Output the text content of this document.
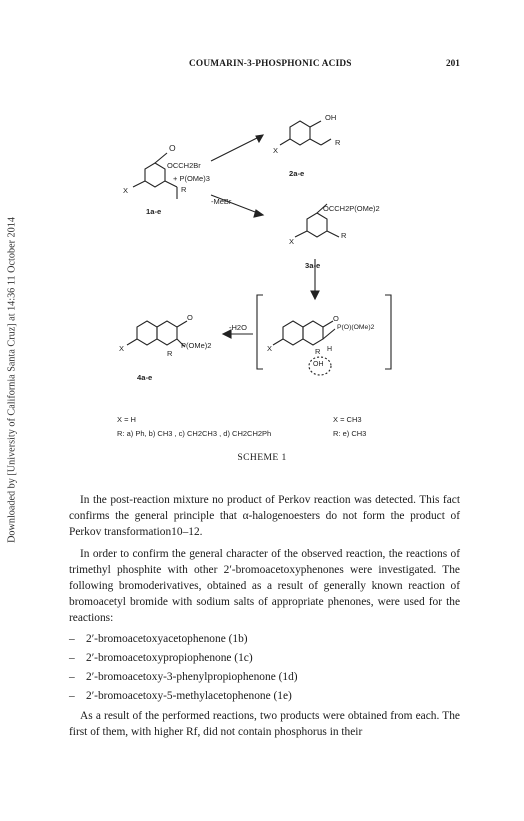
Downloaded by [University of California Santa Cruz] at 14:36 11 October 2014
COUMARIN-3-PHOSPHONIC ACIDS	201
O
OCCH2Br
+ P(OMe)3
R
X
1a-e
OH
R
X
2a-e
-MeBr
OCCH2P(OMe)2
R
X
3a-e
O
P(OMe)2
R
X
4a-e
-H2O
O
P(O)(OMe)2
R H
OH
X
X = H
R: a) Ph, b) CH3 , c) CH2CH3 , d) CH2CH2Ph
X = CH3
R: e) CH3
SCHEME 1

In the post-reaction mixture no product of Perkov reaction was detected. This fact confirms the general principle that α-halogenoesters do not form the product of Perkov transformation10–12.

In order to confirm the general character of the observed reaction, the reactions of trimethyl phosphite with other 2′-bromoacetoxyphenones were investigated. The following bromoderivatives, obtained as a result of generally known reaction of bromoacetyl bromide with sodium salts of appropriate phenones, were used for the reactions:

– 2′-bromoacetoxyacetophenone (1b)
– 2′-bromoacetoxypropiophenone (1c)
– 2′-bromoacetoxy-3-phenylpropiophenone (1d)
– 2′-bromoacetoxy-5-methylacetophenone (1e)

As a result of the performed reactions, two products were obtained from each. The first of them, with higher Rf, did not contain phosphorus in their
